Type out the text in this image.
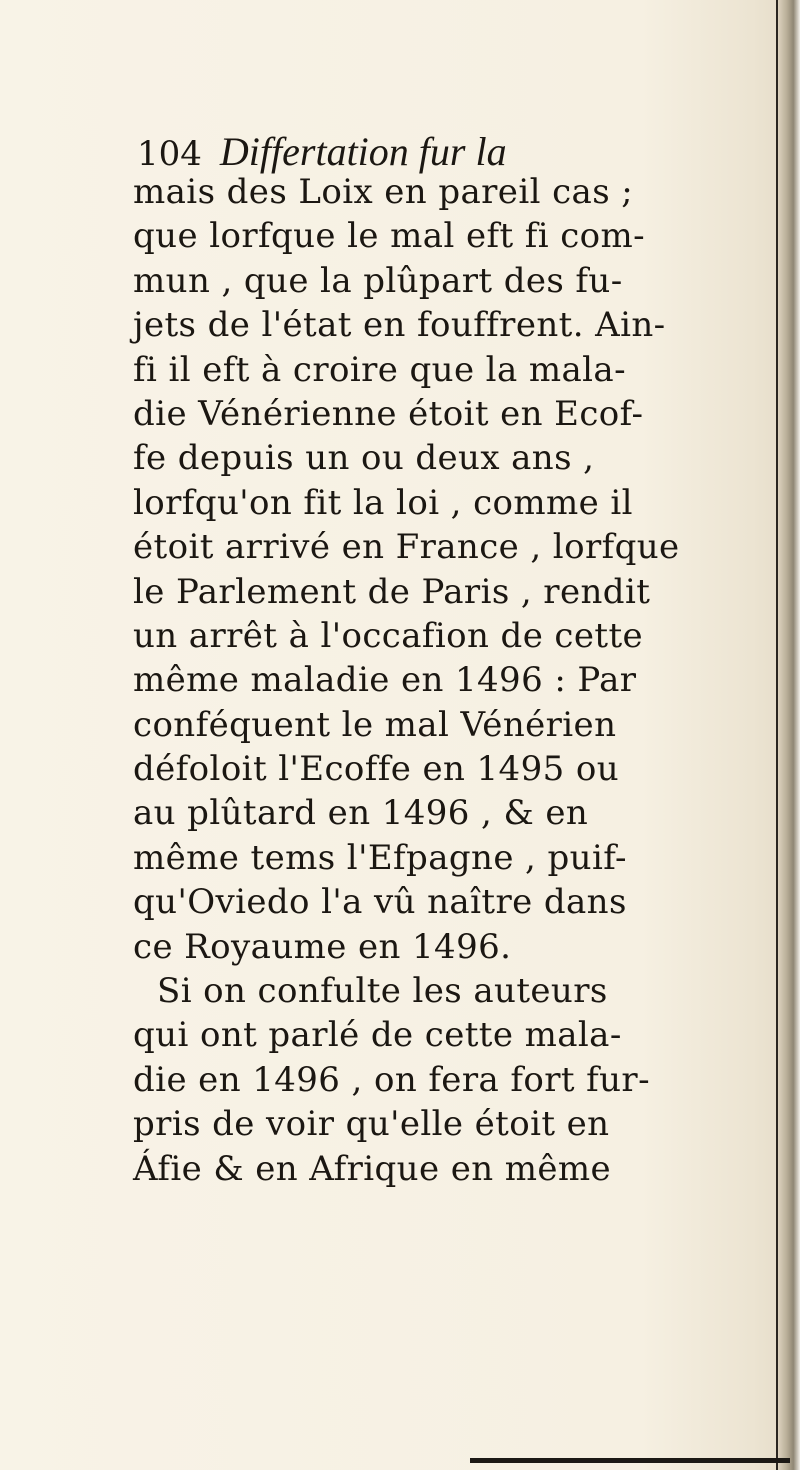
104 Differtation fur la
mais des Loix en pareil cas ;
que lorfque le mal eft fi com-
mun , que la plûpart des fu-
jets de l'état en fouffrent. Ain-
fi il eft à croire que la mala-
die Vénérienne étoit en Ecof-
fe depuis un ou deux ans ,
lorfqu'on fit la loi , comme il
étoit arrivé en France , lorfque
le Parlement de Paris , rendit
un arrêt à l'occafion de cette
même maladie en 1496 : Par
conféquent le mal Vénérien
défoloit l'Ecoffe en 1495 ou
au plûtard en 1496 , & en
même tems l'Efpagne , puif-
qu'Oviedo l'a vû naître dans
ce Royaume en 1496.
Si on confulte les auteurs
qui ont parlé de cette mala-
die en 1496 , on fera fort fur-
pris de voir qu'elle étoit en
Áfie & en Afrique en même
